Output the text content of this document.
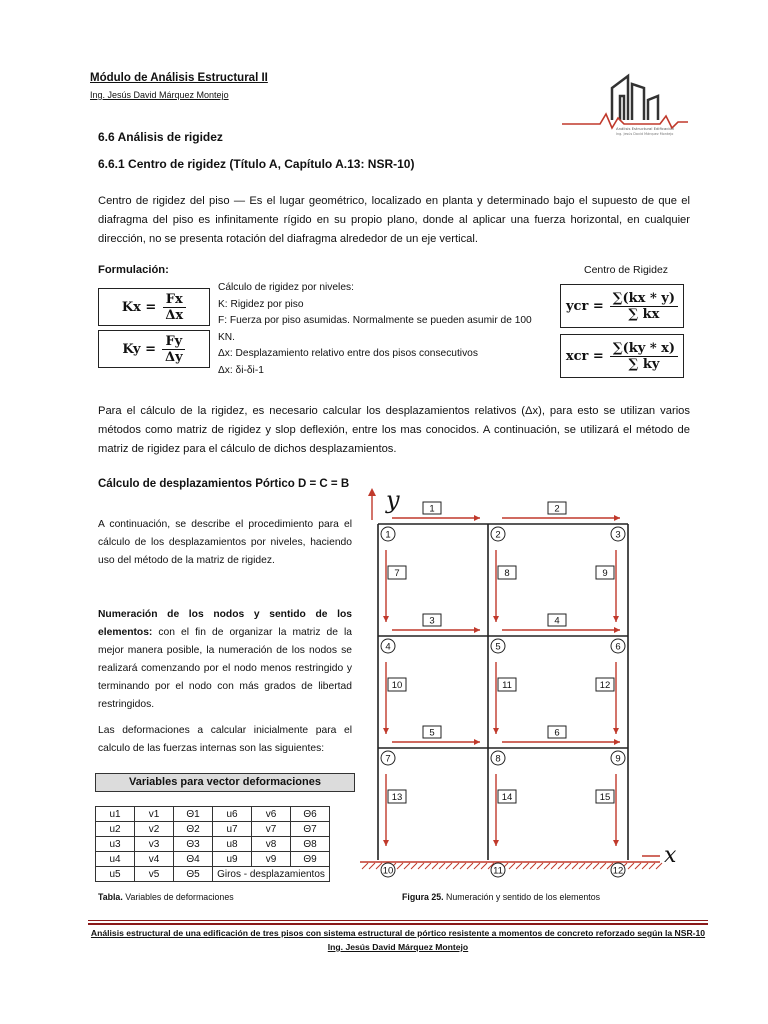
Módulo de Análisis Estructural II
Ing. Jesús David Márquez Montejo
Análisis Estructural Edificación
Ing. Jesús David Márquez Montejo
6.6 Análisis de rigidez
6.6.1 Centro de rigidez (Título A, Capítulo A.13: NSR-10)
Centro de rigidez del piso — Es el lugar geométrico, localizado en planta y determinado bajo el supuesto de que el diafragma del piso es infinitamente rígido en su propio plano, donde al aplicar una fuerza horizontal, en cualquier dirección, no se presenta rotación del diafragma alrededor de un eje vertical.
Formulación:	Centro de Rigidez
$Kx = \frac{Fx}{\Delta x}$
$Ky = \frac{Fy}{\Delta y}$
Cálculo de rigidez por niveles:
K: Rigidez por piso
F: Fuerza por piso asumidas. Normalmente se pueden asumir de 100 KN.
Δx: Desplazamiento relativo entre dos pisos consecutivos
Δx: δi-δi-1
ycr = $\frac{\sum(kx * y)}{\sum kx}$
xcr = $\frac{\sum(ky * x)}{\sum ky}$
Para el cálculo de la rigidez, es necesario calcular los desplazamientos relativos (Δx), para esto se utilizan varios métodos como matriz de rigidez y slop deflexión, entre los mas conocidos. A continuación, se utilizará el método de matriz de rigidez para el cálculo de dichos desplazamientos.
Cálculo de desplazamientos Pórtico D = C = B
A continuación, se describe el procedimiento para el cálculo de los desplazamientos por niveles, haciendo uso del método de la matriz de rigidez.
Numeración de los nodos y sentido de los elementos: con el fin de organizar la matriz de la mejor manera posible, la numeración de los nodos se realizará comenzando por el nodo menos restringido y terminando por el nodo con más grados de libertad restringidos.
Las deformaciones a calcular inicialmente para el calculo de las fuerzas internas son las siguientes:
Variables para vector deformaciones
u1	v1	Θ1	u6	v6	Θ6
u2	v2	Θ2	u7	v7	Θ7
u3	v3	Θ3	u8	v8	Θ8
u4	v4	Θ4	u9	v9	Θ9
u5	v5	Θ5	Giros - desplazamientos		
Tabla. Variables de deformaciones
y
x
1	2	3
4	5	6
7	8	9
10	11	12
1	2
3	4
5	6
7	8	9
10	11	12
13	14	15
Figura 25. Numeración y sentido de los elementos
Análisis estructural de una edificación de tres pisos con sistema estructural de pórtico resistente a momentos de concreto reforzado según la NSR-10
Ing. Jesús David Márquez Montejo
